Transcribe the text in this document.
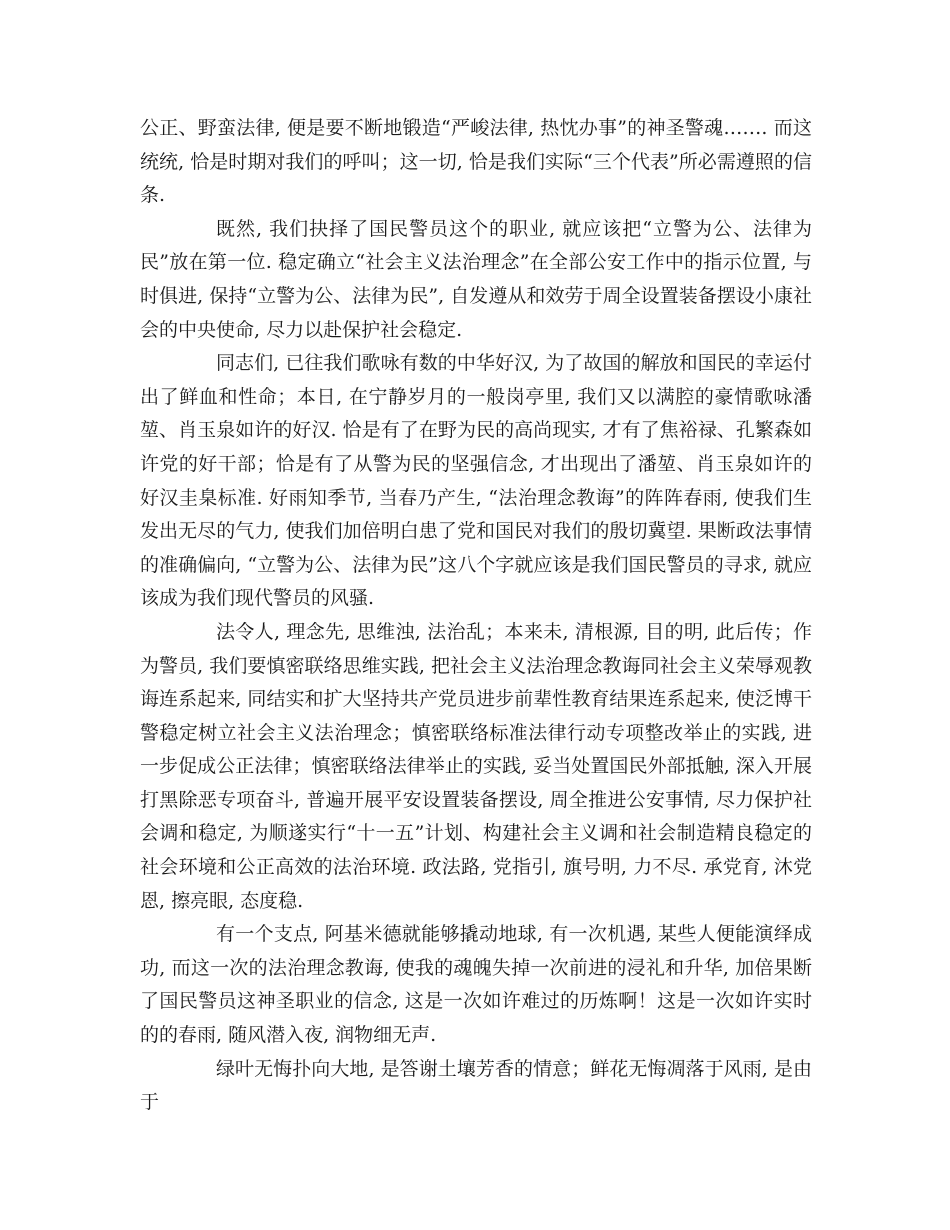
公正、野蛮法律, 便是要不断地锻造“严峻法律, 热忱办事”的神圣警魂……. 而这统统, 恰是时期对我们的呼叫；这一切, 恰是我们实际“三个代表”所必需遵照的信条.

既然, 我们抉择了国民警员这个的职业, 就应该把“立警为公、法律为民”放在第一位. 稳定确立“社会主义法治理念”在全部公安工作中的指示位置, 与时俱进, 保持“立警为公、法律为民”, 自发遵从和效劳于周全设置装备摆设小康社会的中央使命, 尽力以赴保护社会稳定.

同志们, 已往我们歌咏有数的中华好汉, 为了故国的解放和国民的幸运付出了鲜血和性命；本日, 在宁静岁月的一般岗亭里, 我们又以满腔的豪情歌咏潘堃、肖玉泉如许的好汉. 恰是有了在野为民的高尚现实, 才有了焦裕禄、孔繁森如许党的好干部；恰是有了从警为民的坚强信念, 才出现出了潘堃、肖玉泉如许的好汉圭臬标准. 好雨知季节, 当春乃产生, “法治理念教诲”的阵阵春雨, 使我们生发出无尽的气力, 使我们加倍明白患了党和国民对我们的殷切冀望. 果断政法事情的准确偏向, “立警为公、法律为民”这八个字就应该是我们国民警员的寻求, 就应该成为我们现代警员的风骚.

法令人, 理念先, 思维浊, 法治乱；本来未, 清根源, 目的明, 此后传；作为警员, 我们要慎密联络思维实践, 把社会主义法治理念教诲同社会主义荣辱观教诲连系起来, 同结实和扩大坚持共产党员进步前辈性教育结果连系起来, 使泛博干警稳定树立社会主义法治理念；慎密联络标准法律行动专项整改举止的实践, 进一步促成公正法律；慎密联络法律举止的实践, 妥当处置国民外部抵触, 深入开展打黑除恶专项奋斗, 普遍开展平安设置装备摆设, 周全推进公安事情, 尽力保护社会调和稳定, 为顺遂实行“十一五”计划、构建社会主义调和社会制造精良稳定的社会环境和公正高效的法治环境. 政法路, 党指引, 旗号明, 力不尽. 承党育, 沐党恩, 擦亮眼, 态度稳.

有一个支点, 阿基米德就能够撬动地球, 有一次机遇, 某些人便能演绎成功, 而这一次的法治理念教诲, 使我的魂魄失掉一次前进的浸礼和升华, 加倍果断了国民警员这神圣职业的信念, 这是一次如许难过的历炼啊！这是一次如许实时的的春雨, 随风潜入夜, 润物细无声.

绿叶无悔扑向大地, 是答谢土壤芳香的情意；鲜花无悔凋落于风雨, 是由于
